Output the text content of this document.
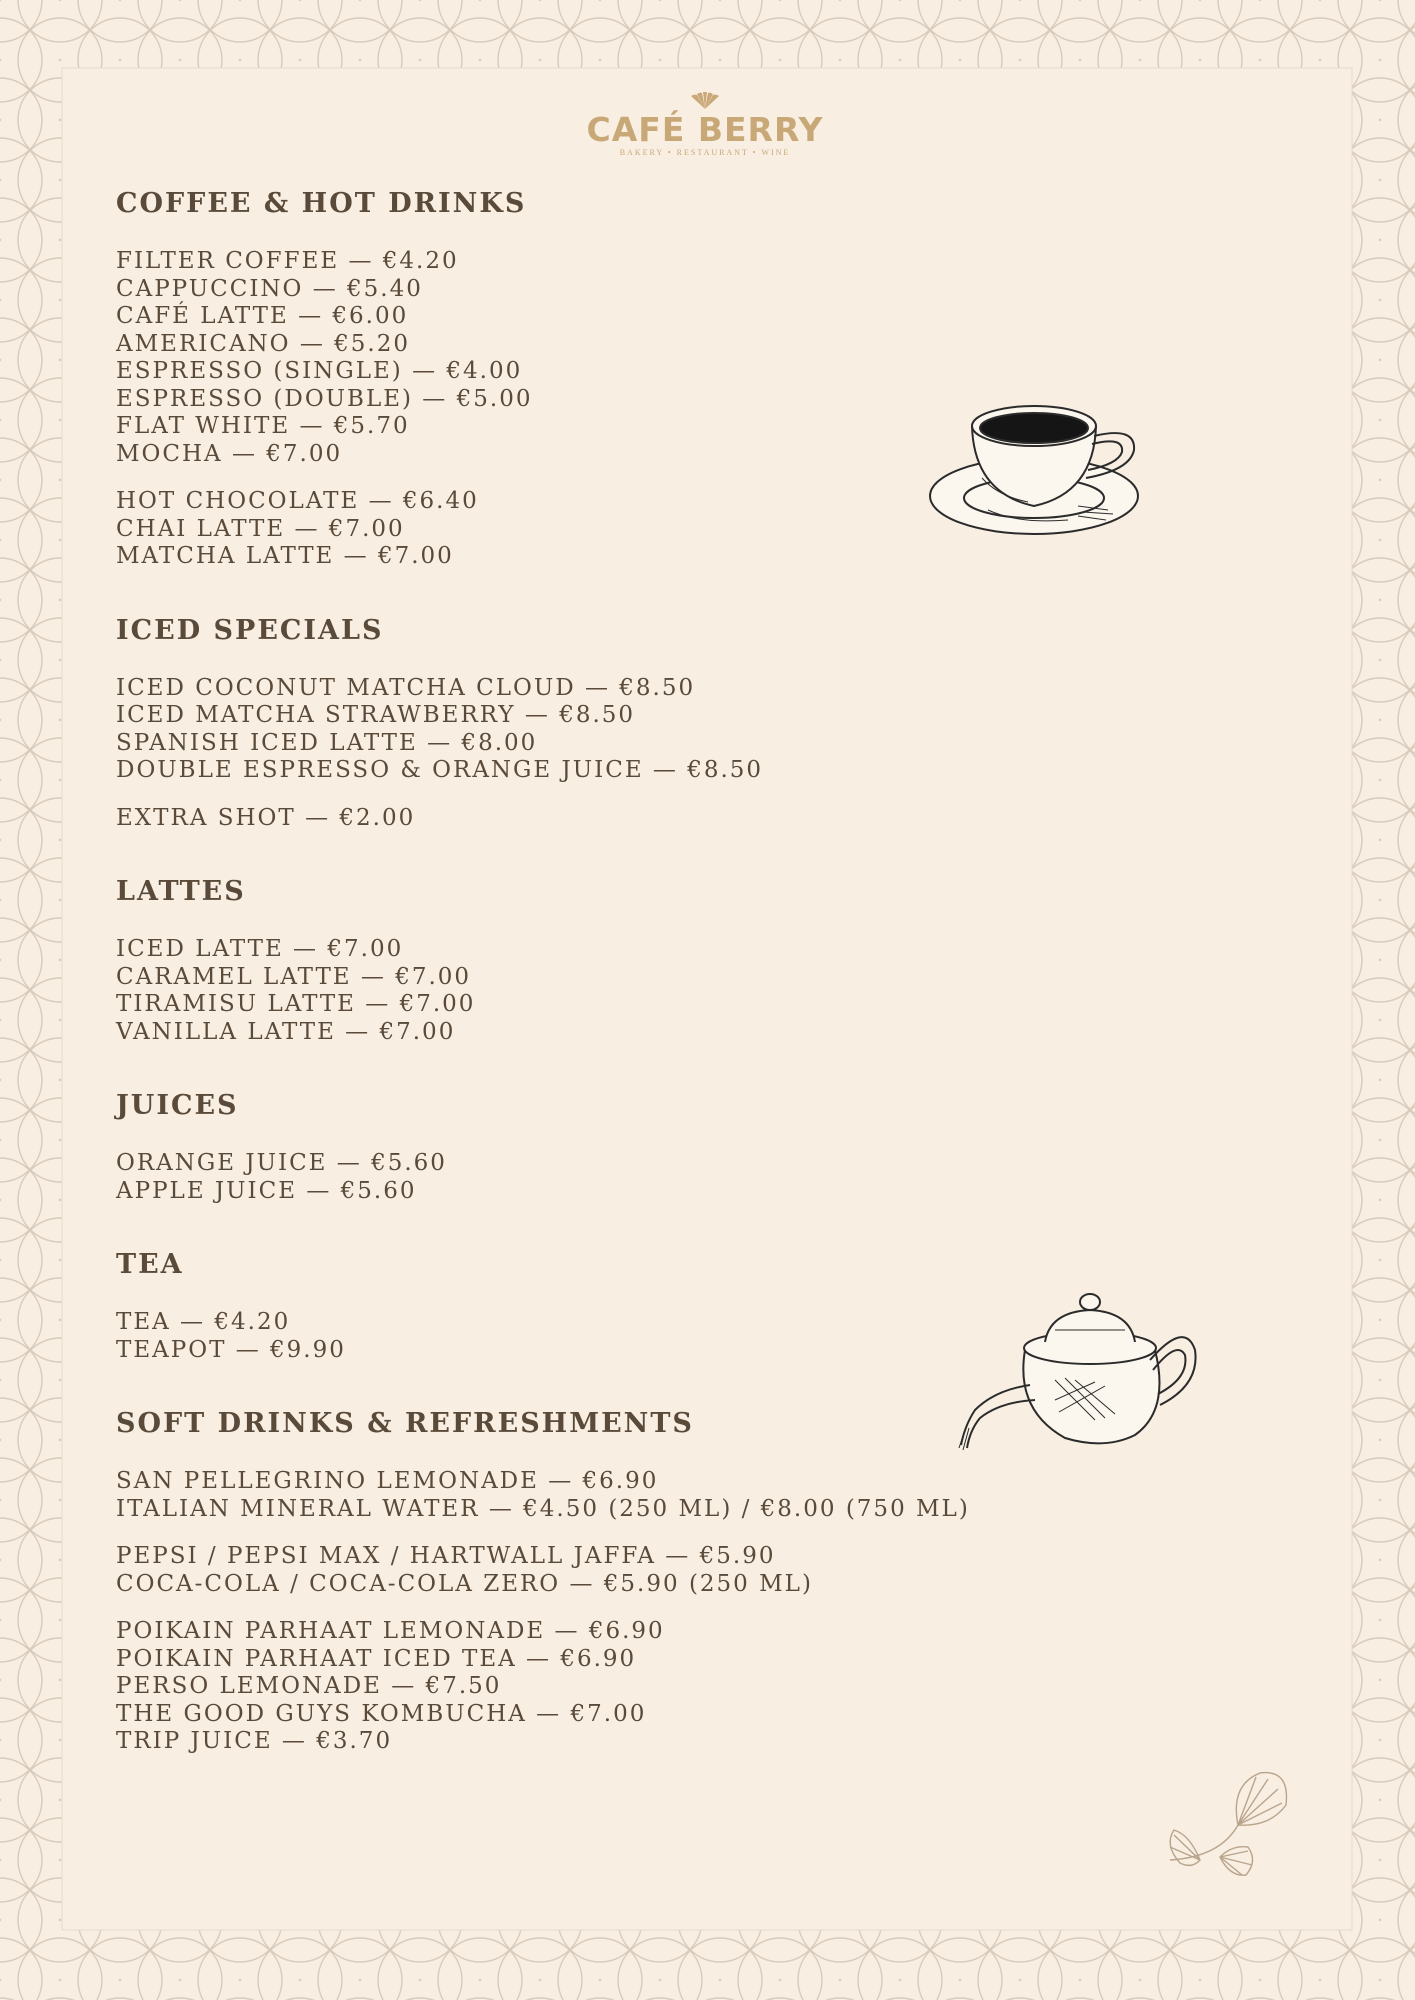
CAFÉ BERRY
BAKERY • RESTAURANT • WINE
COFFEE & HOT DRINKS
FILTER COFFEE — €4.20
CAPPUCCINO — €5.40
CAFÉ LATTE — €6.00
AMERICANO — €5.20
ESPRESSO (SINGLE) — €4.00
ESPRESSO (DOUBLE) — €5.00
FLAT WHITE — €5.70
MOCHA — €7.00
HOT CHOCOLATE — €6.40
CHAI LATTE — €7.00
MATCHA LATTE — €7.00
ICED SPECIALS
ICED COCONUT MATCHA CLOUD — €8.50
ICED MATCHA STRAWBERRY — €8.50
SPANISH ICED LATTE — €8.00
DOUBLE ESPRESSO & ORANGE JUICE — €8.50
EXTRA SHOT — €2.00
LATTES
ICED LATTE — €7.00
CARAMEL LATTE — €7.00
TIRAMISU LATTE — €7.00
VANILLA LATTE — €7.00
JUICES
ORANGE JUICE — €5.60
APPLE JUICE — €5.60
TEA
TEA — €4.20
TEAPOT — €9.90
SOFT DRINKS & REFRESHMENTS
SAN PELLEGRINO LEMONADE — €6.90
ITALIAN MINERAL WATER — €4.50 (250 ML) / €8.00 (750 ML)
PEPSI / PEPSI MAX / HARTWALL JAFFA — €5.90
COCA-COLA / COCA-COLA ZERO — €5.90 (250 ML)
POIKAIN PARHAAT LEMONADE — €6.90
POIKAIN PARHAAT ICED TEA — €6.90
PERSO LEMONADE — €7.50
THE GOOD GUYS KOMBUCHA — €7.00
TRIP JUICE — €3.70
